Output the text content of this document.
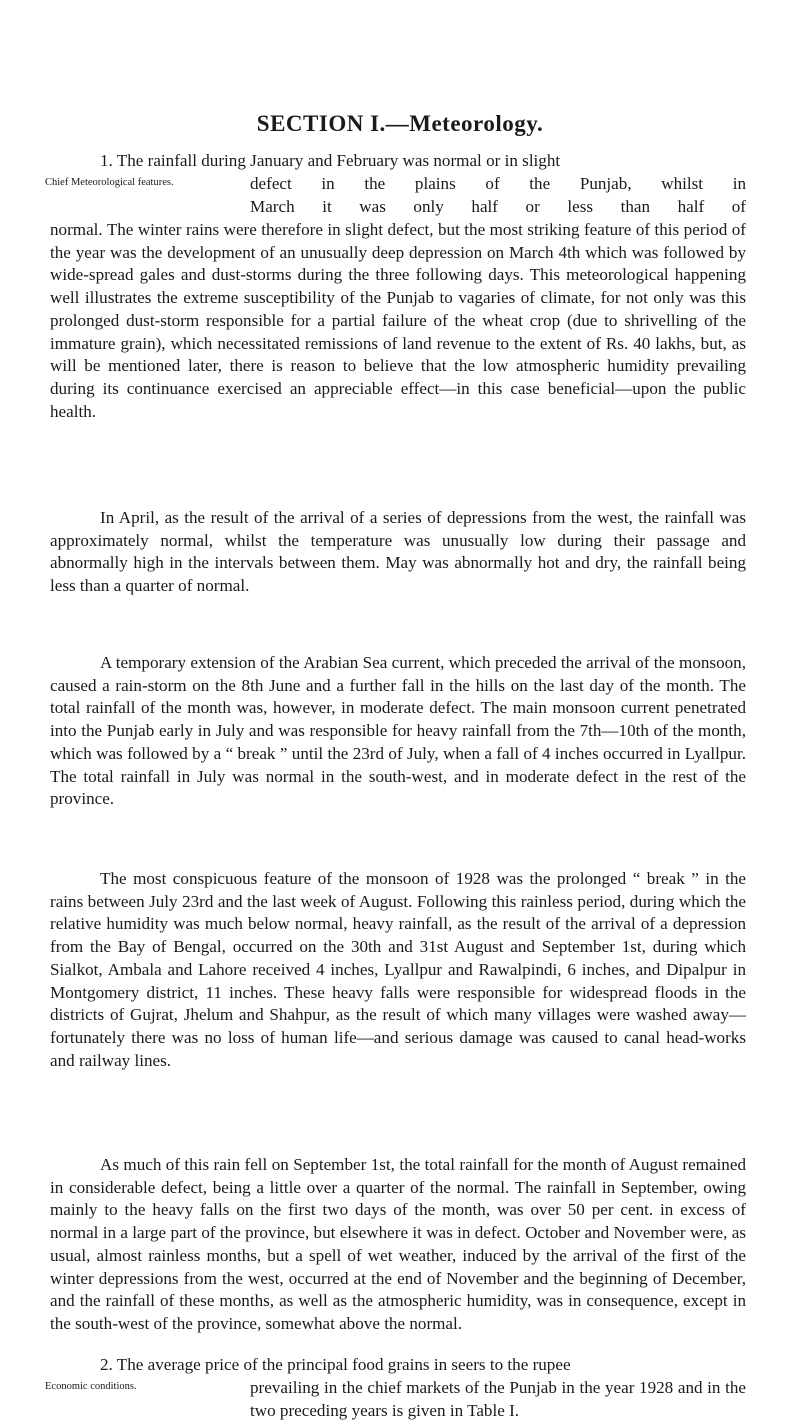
SECTION I.—Meteorology.
Chief Meteorological features.
1. The rainfall during January and February was normal or in slight
defect in the plains of the Punjab, whilst in
March it was only half or less than half of

normal. The winter rains were therefore in slight defect, but the most striking feature of this period of the year was the development of an unusually deep depression on March 4th which was followed by wide-spread gales and dust-storms during the three following days. This meteorological happening well illustrates the extreme susceptibility of the Punjab to vagaries of climate, for not only was this prolonged dust-storm responsible for a partial failure of the wheat crop (due to shrivelling of the immature grain), which necessitated remissions of land revenue to the extent of Rs. 40 lakhs, but, as will be mentioned later, there is reason to believe that the low atmospheric humidity prevailing during its continuance exercised an appreciable effect—in this case beneficial—upon the public health.

In April, as the result of the arrival of a series of depressions from the west, the rainfall was approximately normal, whilst the temperature was unusually low during their passage and abnormally high in the intervals between them. May was abnormally hot and dry, the rainfall being less than a quarter of normal.

A temporary extension of the Arabian Sea current, which preceded the arrival of the monsoon, caused a rain-storm on the 8th June and a further fall in the hills on the last day of the month. The total rainfall of the month was, however, in moderate defect. The main monsoon current penetrated into the Punjab early in July and was responsible for heavy rainfall from the 7th—10th of the month, which was followed by a “ break ” until the 23rd of July, when a fall of 4 inches occurred in Lyallpur. The total rainfall in July was normal in the south-west, and in moderate defect in the rest of the province.

The most conspicuous feature of the monsoon of 1928 was the prolonged “ break ” in the rains between July 23rd and the last week of August. Following this rainless period, during which the relative humidity was much below normal, heavy rainfall, as the result of the arrival of a depression from the Bay of Bengal, occurred on the 30th and 31st August and September 1st, during which Sialkot, Ambala and Lahore received 4 inches, Lyallpur and Rawalpindi, 6 inches, and Dipalpur in Montgomery district, 11 inches. These heavy falls were responsible for widespread floods in the districts of Gujrat, Jhelum and Shahpur, as the result of which many villages were washed away—fortunately there was no loss of human life—and serious damage was caused to canal head-works and railway lines.

As much of this rain fell on September 1st, the total rainfall for the month of August remained in considerable defect, being a little over a quarter of the normal. The rainfall in September, owing mainly to the heavy falls on the first two days of the month, was over 50 per cent. in excess of normal in a large part of the province, but elsewhere it was in defect. October and November were, as usual, almost rainless months, but a spell of wet weather, induced by the arrival of the first of the winter depressions from the west, occurred at the end of November and the beginning of December, and the rainfall of these months, as well as the atmospheric humidity, was in consequence, except in the south-west of the province, somewhat above the normal.

Economic conditions.
2. The average price of the principal food grains in seers to the rupee
prevailing in the chief markets of the Punjab in the year 1928 and in the two preceding years is given in Table I.
